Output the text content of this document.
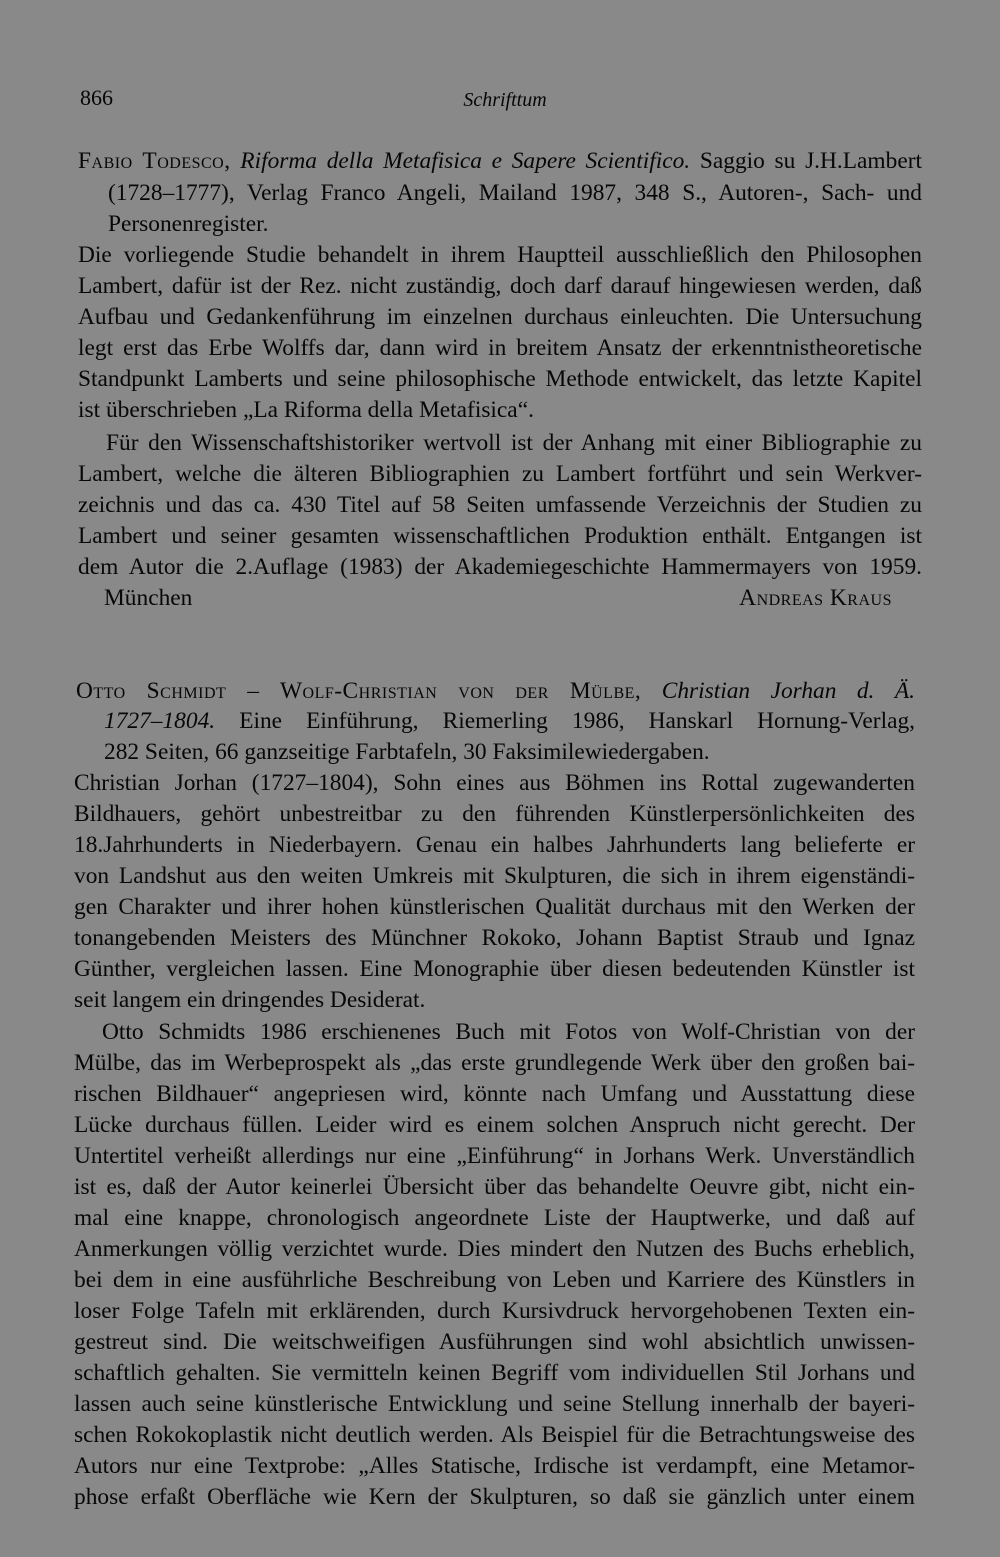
866	Schrifttum
Fabio Todesco, Riforma della Metafisica e Sapere Scientifico. Saggio su J.H.Lambert
(1728–1777), Verlag Franco Angeli, Mailand 1987, 348 S., Autoren-, Sach- und
Personenregister.
Die vorliegende Studie behandelt in ihrem Hauptteil ausschließlich den Philosophen
Lambert, dafür ist der Rez. nicht zuständig, doch darf darauf hingewiesen werden, daß
Aufbau und Gedankenführung im einzelnen durchaus einleuchten. Die Untersuchung
legt erst das Erbe Wolffs dar, dann wird in breitem Ansatz der erkenntnistheoretische
Standpunkt Lamberts und seine philosophische Methode entwickelt, das letzte Kapitel
ist überschrieben „La Riforma della Metafisica“.
Für den Wissenschaftshistoriker wertvoll ist der Anhang mit einer Bibliographie zu
Lambert, welche die älteren Bibliographien zu Lambert fortführt und sein Werkver-
zeichnis und das ca. 430 Titel auf 58 Seiten umfassende Verzeichnis der Studien zu
Lambert und seiner gesamten wissenschaftlichen Produktion enthält. Entgangen ist
dem Autor die 2.Auflage (1983) der Akademiegeschichte Hammermayers von 1959.
München	Andreas Kraus
Otto Schmidt – Wolf-Christian von der Mülbe, Christian Jorhan d. Ä.
1727–1804. Eine Einführung, Riemerling 1986, Hanskarl Hornung-Verlag,
282 Seiten, 66 ganzseitige Farbtafeln, 30 Faksimilewiedergaben.
Christian Jorhan (1727–1804), Sohn eines aus Böhmen ins Rottal zugewanderten
Bildhauers, gehört unbestreitbar zu den führenden Künstlerpersönlichkeiten des
18.Jahrhunderts in Niederbayern. Genau ein halbes Jahrhunderts lang belieferte er
von Landshut aus den weiten Umkreis mit Skulpturen, die sich in ihrem eigenständi-
gen Charakter und ihrer hohen künstlerischen Qualität durchaus mit den Werken der
tonangebenden Meisters des Münchner Rokoko, Johann Baptist Straub und Ignaz
Günther, vergleichen lassen. Eine Monographie über diesen bedeutenden Künstler ist
seit langem ein dringendes Desiderat.
Otto Schmidts 1986 erschienenes Buch mit Fotos von Wolf-Christian von der
Mülbe, das im Werbeprospekt als „das erste grundlegende Werk über den großen bai-
rischen Bildhauer“ angepriesen wird, könnte nach Umfang und Ausstattung diese
Lücke durchaus füllen. Leider wird es einem solchen Anspruch nicht gerecht. Der
Untertitel verheißt allerdings nur eine „Einführung“ in Jorhans Werk. Unverständlich
ist es, daß der Autor keinerlei Übersicht über das behandelte Oeuvre gibt, nicht ein-
mal eine knappe, chronologisch angeordnete Liste der Hauptwerke, und daß auf
Anmerkungen völlig verzichtet wurde. Dies mindert den Nutzen des Buchs erheblich,
bei dem in eine ausführliche Beschreibung von Leben und Karriere des Künstlers in
loser Folge Tafeln mit erklärenden, durch Kursivdruck hervorgehobenen Texten ein-
gestreut sind. Die weitschweifigen Ausführungen sind wohl absichtlich unwissen-
schaftlich gehalten. Sie vermitteln keinen Begriff vom individuellen Stil Jorhans und
lassen auch seine künstlerische Entwicklung und seine Stellung innerhalb der bayeri-
schen Rokokoplastik nicht deutlich werden. Als Beispiel für die Betrachtungsweise des
Autors nur eine Textprobe: „Alles Statische, Irdische ist verdampft, eine Metamor-
phose erfaßt Oberfläche wie Kern der Skulpturen, so daß sie gänzlich unter einem
